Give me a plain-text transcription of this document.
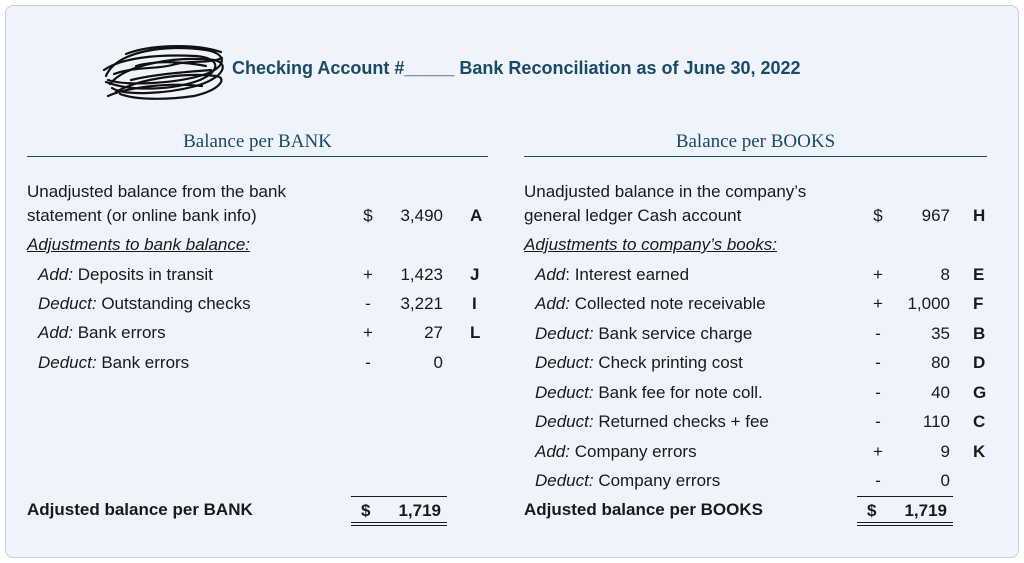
Checking Account #_____ Bank Reconciliation as of June 30, 2022
Balance per BANK
Unadjusted balance from the bank
statement (or online bank info)	$	3,490 A
Adjustments to bank balance:
Add: Deposits in transit	+	1,423 J
Deduct: Outstanding checks	-	3,221 I
Add: Bank errors	+	27 L
Deduct: Bank errors	-	0
Adjusted balance per BANK	$ 1,719
Balance per BOOKS
Unadjusted balance in the company’s
general ledger Cash account	$	967 H
Adjustments to company’s books:
Add: Interest earned	+	8 E
Add: Collected note receivable	+	1,000 F
Deduct: Bank service charge	-	35 B
Deduct: Check printing cost	-	80 D
Deduct: Bank fee for note coll.	-	40 G
Deduct: Returned checks + fee	-	110 C
Add: Company errors	+	9 K
Deduct: Company errors	-	0
Adjusted balance per BOOKS	$ 1,719
